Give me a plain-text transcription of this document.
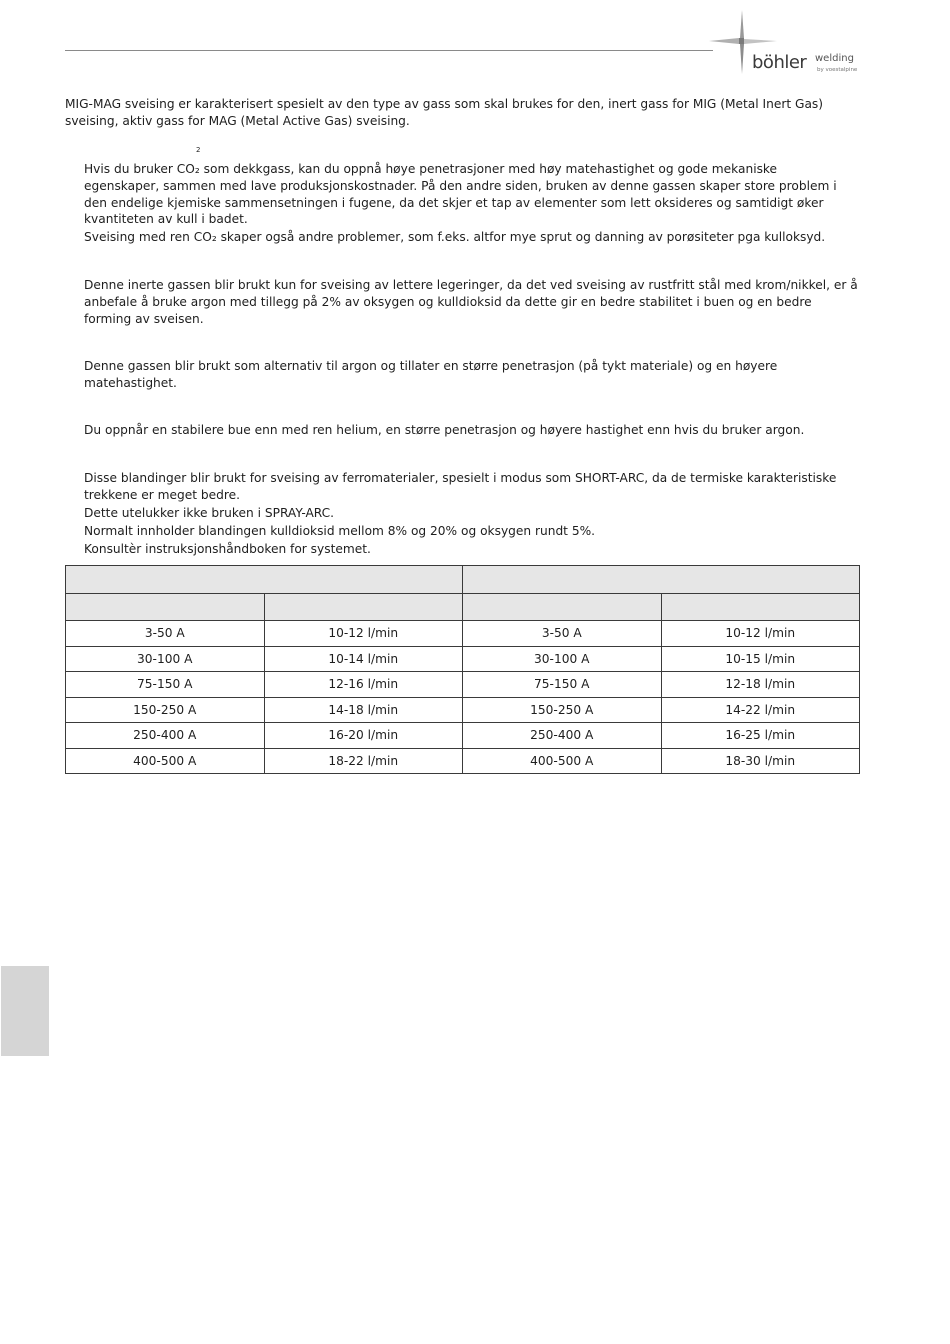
böhler welding
by voestalpine
MIG-MAG sveising er karakterisert spesielt av den type av gass som skal brukes for den, inert gass for MIG (Metal Inert Gas)
sveising, aktiv gass for MAG (Metal Active Gas) sveising.
2
Hvis du bruker CO₂ som dekkgass, kan du oppnå høye penetrasjoner med høy matehastighet og gode mekaniske
egenskaper, sammen med lave produksjonskostnader. På den andre siden, bruken av denne gassen skaper store problem i
den endelige kjemiske sammensetningen i fugene, da det skjer et tap av elementer som lett oksideres og samtidigt øker
kvantiteten av kull i badet.
Sveising med ren CO₂ skaper også andre problemer, som f.eks. altfor mye sprut og danning av porøsiteter pga kulloksyd.
Denne inerte gassen blir brukt kun for sveising av lettere legeringer, da det ved sveising av rustfritt stål med krom/nikkel, er å
anbefale å bruke argon med tillegg på 2% av oksygen og kulldioksid da dette gir en bedre stabilitet i buen og en bedre
forming av sveisen.
Denne gassen blir brukt som alternativ til argon og tillater en større penetrasjon (på tykt materiale) og en høyere
matehastighet.
Du oppnår en stabilere bue enn med ren helium, en større penetrasjon og høyere hastighet enn hvis du bruker argon.
Disse blandinger blir brukt for sveising av ferromaterialer, spesielt i modus som SHORT-ARC, da de termiske karakteristiske
trekkene er meget bedre.
Dette utelukker ikke bruken i SPRAY-ARC.
Normalt innholder blandingen kulldioksid mellom 8% og 20% og oksygen rundt 5%.
Konsultèr instruksjonshåndboken for systemet.

3-50 A	10-12 l/min	3-50 A	10-12 l/min
30-100 A	10-14 l/min	30-100 A	10-15 l/min
75-150 A	12-16 l/min	75-150 A	12-18 l/min
150-250 A	14-18 l/min	150-250 A	14-22 l/min
250-400 A	16-20 l/min	250-400 A	16-25 l/min
400-500 A	18-22 l/min	400-500 A	18-30 l/min
